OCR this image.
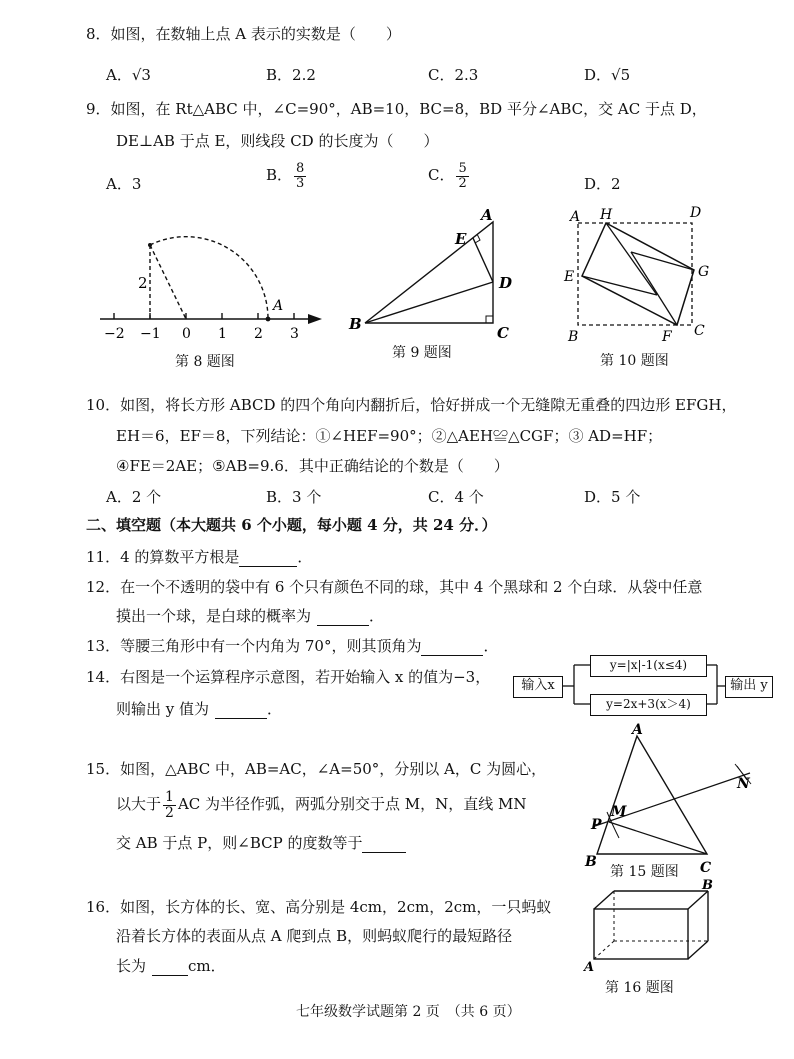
8．如图，在数轴上点 A 表示的实数是（　　）
A．√3	B．2.2	C．2.3	D．√5
9．如图，在 Rt△ABC 中，∠C=90°，AB=10，BC=8，BD 平分∠ABC，交 AC 于点 D，
DE⊥AB 于点 E，则线段 CD 的长度为（　　）
A．3	B． $\frac{8}{3}$	C． $\frac{5}{2}$	D．2
2
A
−2 −1 0 1 2 3
第 8 题图
A
E
D
B	C
第 9 题图
A H	D
E	G
B	F C
第 10 题图
10．如图，将长方形 ABCD 的四个角向内翻折后，恰好拼成一个无缝隙无重叠的四边形 EFGH，
EH＝6，EF＝8，下列结论：①∠HEF=90°；②△AEH≌△CGF；③ AD=HF；
④FE＝2AE；⑤AB=9.6．其中正确结论的个数是（　　）
A．2 个	B．3 个	C．4 个	D．5 个
二、填空题（本大题共 6 个小题，每小题 4 分，共 24 分．）
11．4 的算数平方根是	．
12．在一个不透明的袋中有 6 个只有颜色不同的球，其中 4 个黑球和 2 个白球．从袋中任意
摸出一个球，是白球的概率为	．
13．等腰三角形中有一个内角为 70°，则其顶角为	．
14．右图是一个运算程序示意图，若开始输入 x 的值为−3，
则输出 y 值为	．
输入x
y=|x|-1(x≤4)
y=2x+3(x＞4)
输出 y
15．如图，△ABC 中，AB=AC，∠A=50°，分别以 A，C 为圆心，
以大于 $\frac{1}{2}$ AC 为半径作弧，两弧分别交于点 M，N，直线 MN
交 AB 于点 P，则∠BCP 的度数等于
A
N
M
P
B	C
第 15 题图
16．如图，长方体的长、宽、高分别是 4cm，2cm，2cm，一只蚂蚁
沿着长方体的表面从点 A 爬到点 B，则蚂蚁爬行的最短路径
长为	cm．	A
B
第 16 题图
七年级数学试题第 2 页　（共 6 页）
